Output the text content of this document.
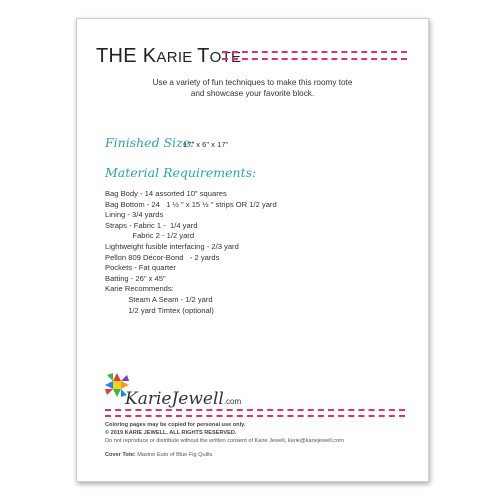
THE KARIE TOTE
Use a variety of fun techniques to make this roomy tote
and showcase your favorite block.
Finished Size:
17" x 6" x 17"
Material Requirements:
Bag Body - 14 assorted 10" squares
Bag Bottom - 24   1 ½ " x 15 ½ " strips OR 1/2 yard
Lining - 3/4 yards
Straps - Fabric 1 -  1/4 yard
Fabric 2 - 1/2 yard
Lightweight fusible interfacing - 2/3 yard
Pellon 809 Décor-Bond   - 2 yards
Pockets - Fat quarter
Batting - 26" x 45"
Karie Recommends:
Steam A Seam - 1/2 yard
1/2 yard Timtex (optional)
KarieJewell.com
Coloring pages may be copied for personal use only.
© 2019 KARIE JEWELL. ALL RIGHTS RESERVED.
Do not reproduce or distribute without the written consent of Karie Jewell, karie@kariejewell.com
Cover Tote: Maxine Euto of Blue Fig Quilts
